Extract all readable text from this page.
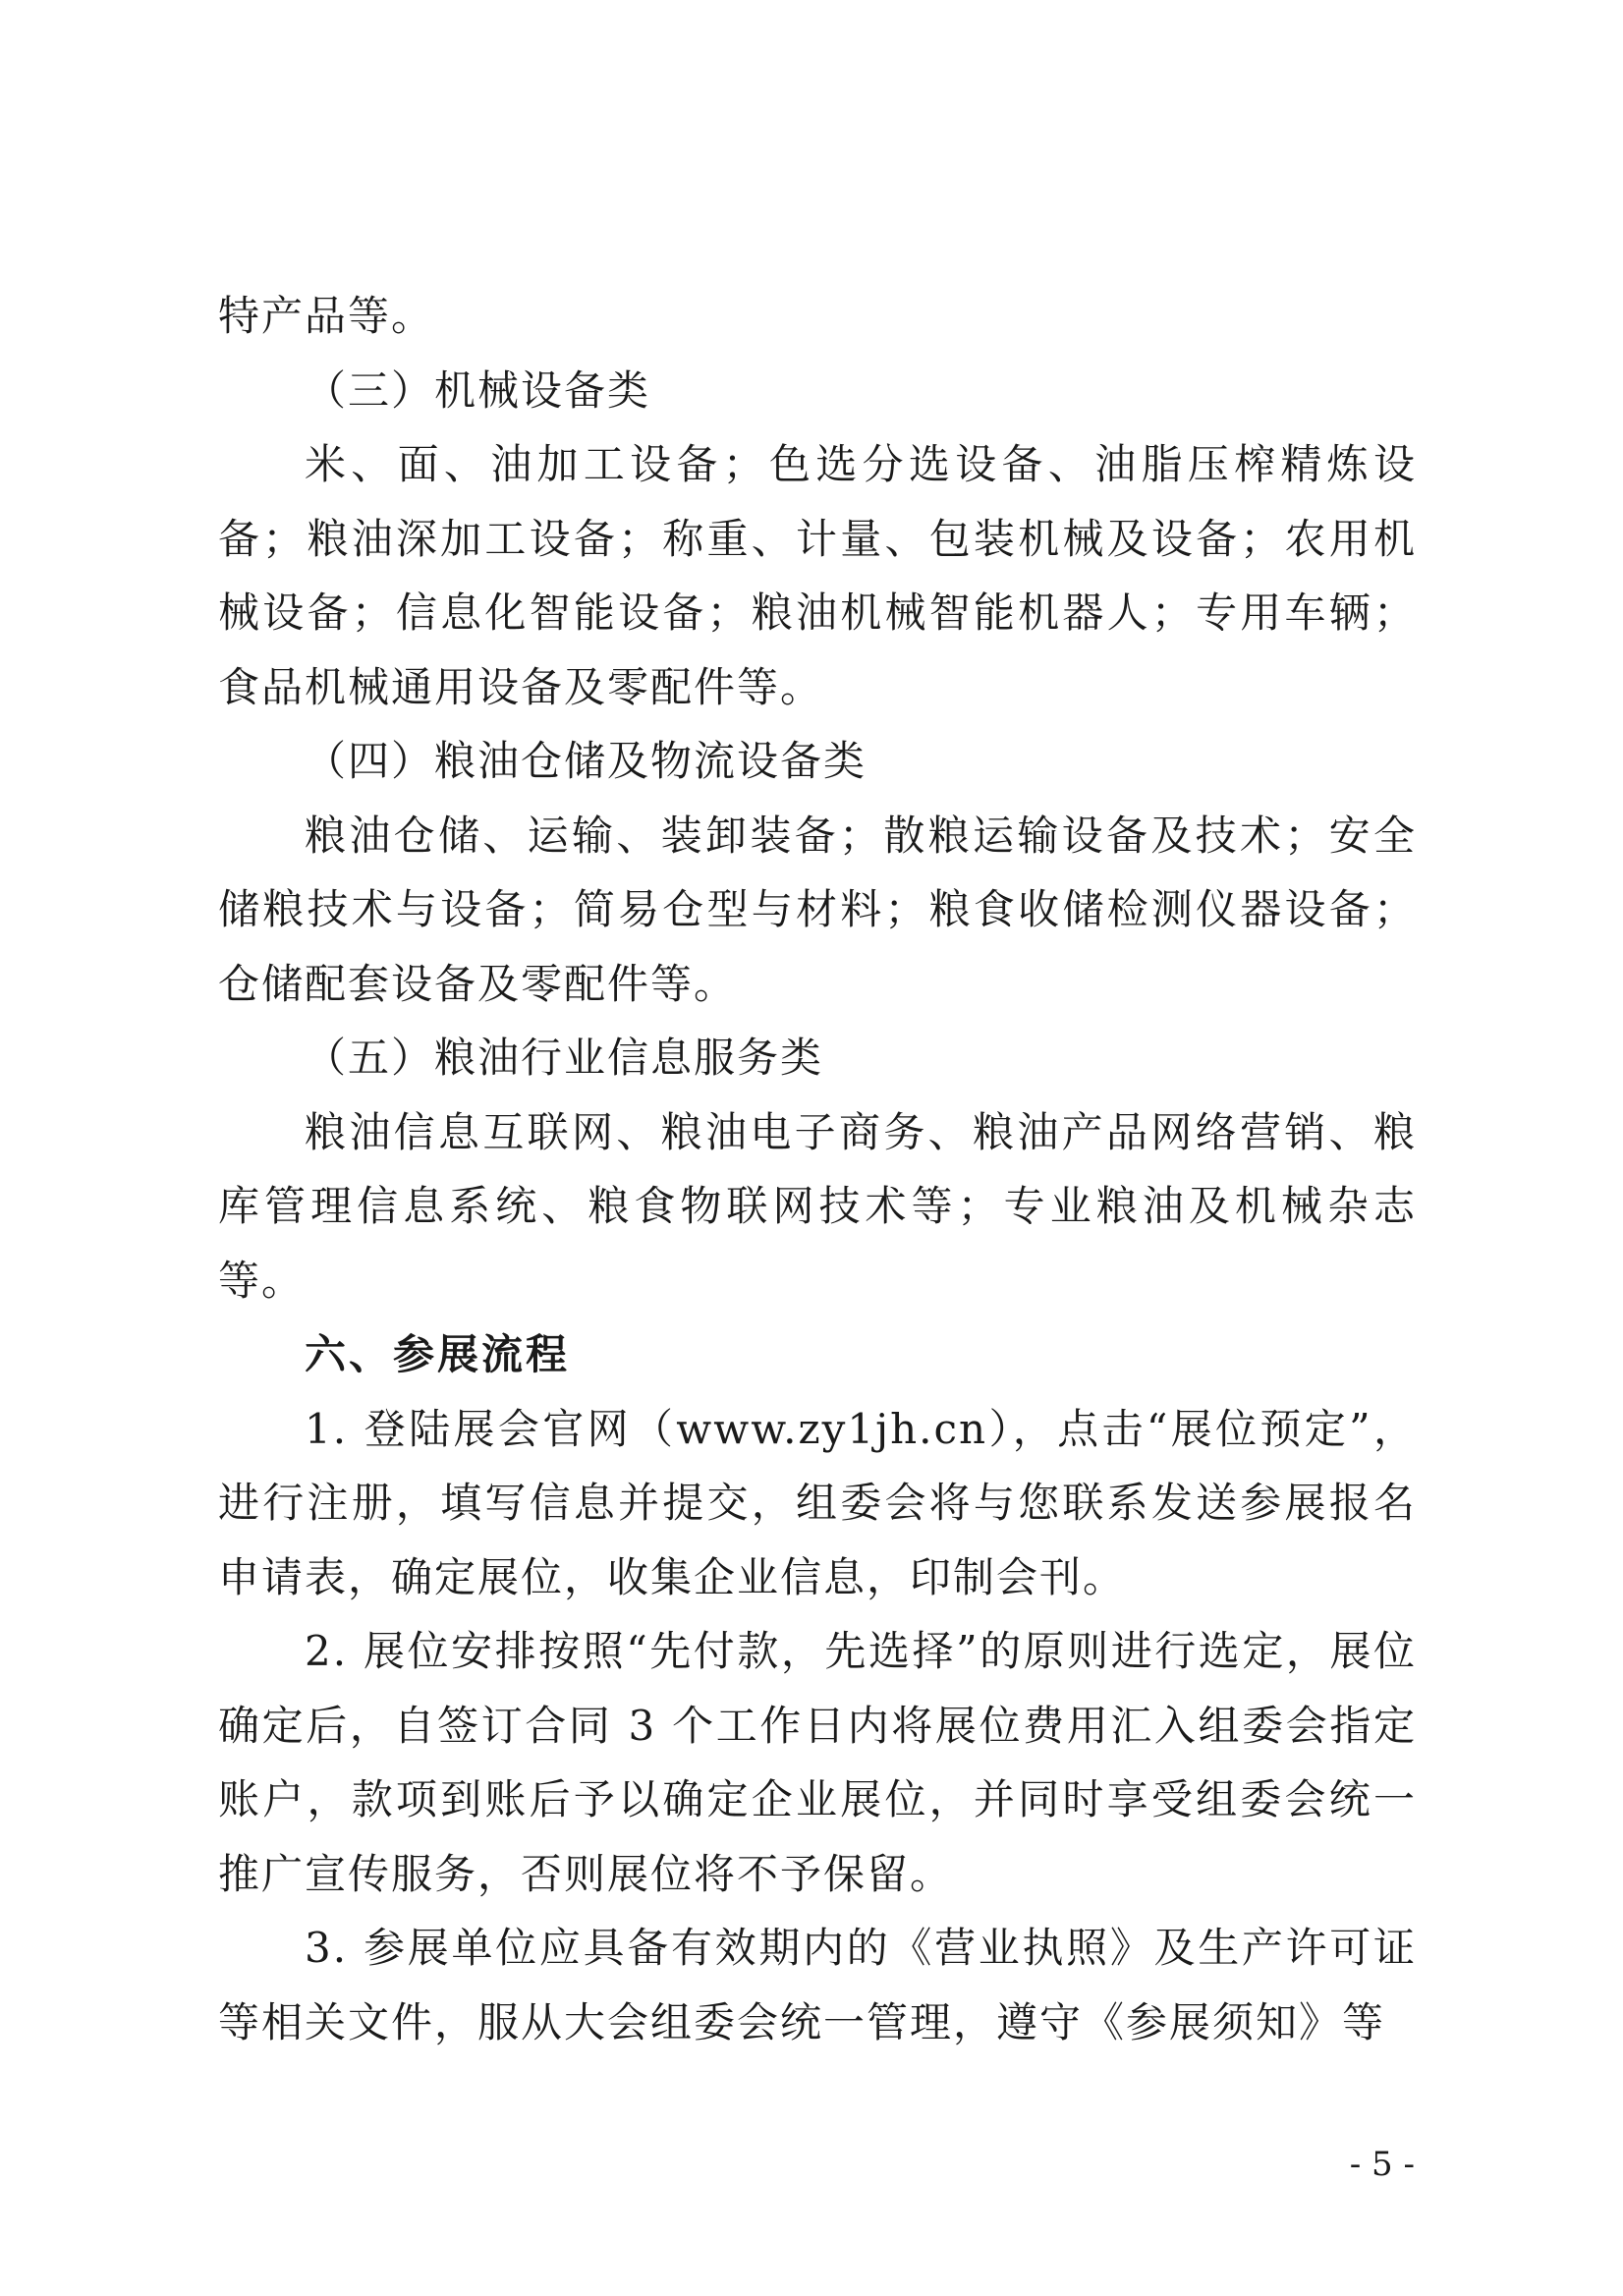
特产品等。

（三）机械设备类

米、面、油加工设备；色选分选设备、油脂压榨精炼设备；粮油深加工设备；称重、计量、包装机械及设备；农用机械设备；信息化智能设备；粮油机械智能机器人；专用车辆；食品机械通用设备及零配件等。

（四）粮油仓储及物流设备类

粮油仓储、运输、装卸装备；散粮运输设备及技术；安全储粮技术与设备；简易仓型与材料；粮食收储检测仪器设备；仓储配套设备及零配件等。

（五）粮油行业信息服务类

粮油信息互联网、粮油电子商务、粮油产品网络营销、粮库管理信息系统、粮食物联网技术等；专业粮油及机械杂志等。

六、参展流程

1. 登陆展会官网（www.zy1jh.cn），点击“展位预定”，进行注册，填写信息并提交，组委会将与您联系发送参展报名申请表，确定展位，收集企业信息，印制会刊。

2. 展位安排按照“先付款，先选择”的原则进行选定，展位确定后，自签订合同 3 个工作日内将展位费用汇入组委会指定账户，款项到账后予以确定企业展位，并同时享受组委会统一推广宣传服务，否则展位将不予保留。

3. 参展单位应具备有效期内的《营业执照》及生产许可证等相关文件，服从大会组委会统一管理，遵守《参展须知》等

- 5 -
